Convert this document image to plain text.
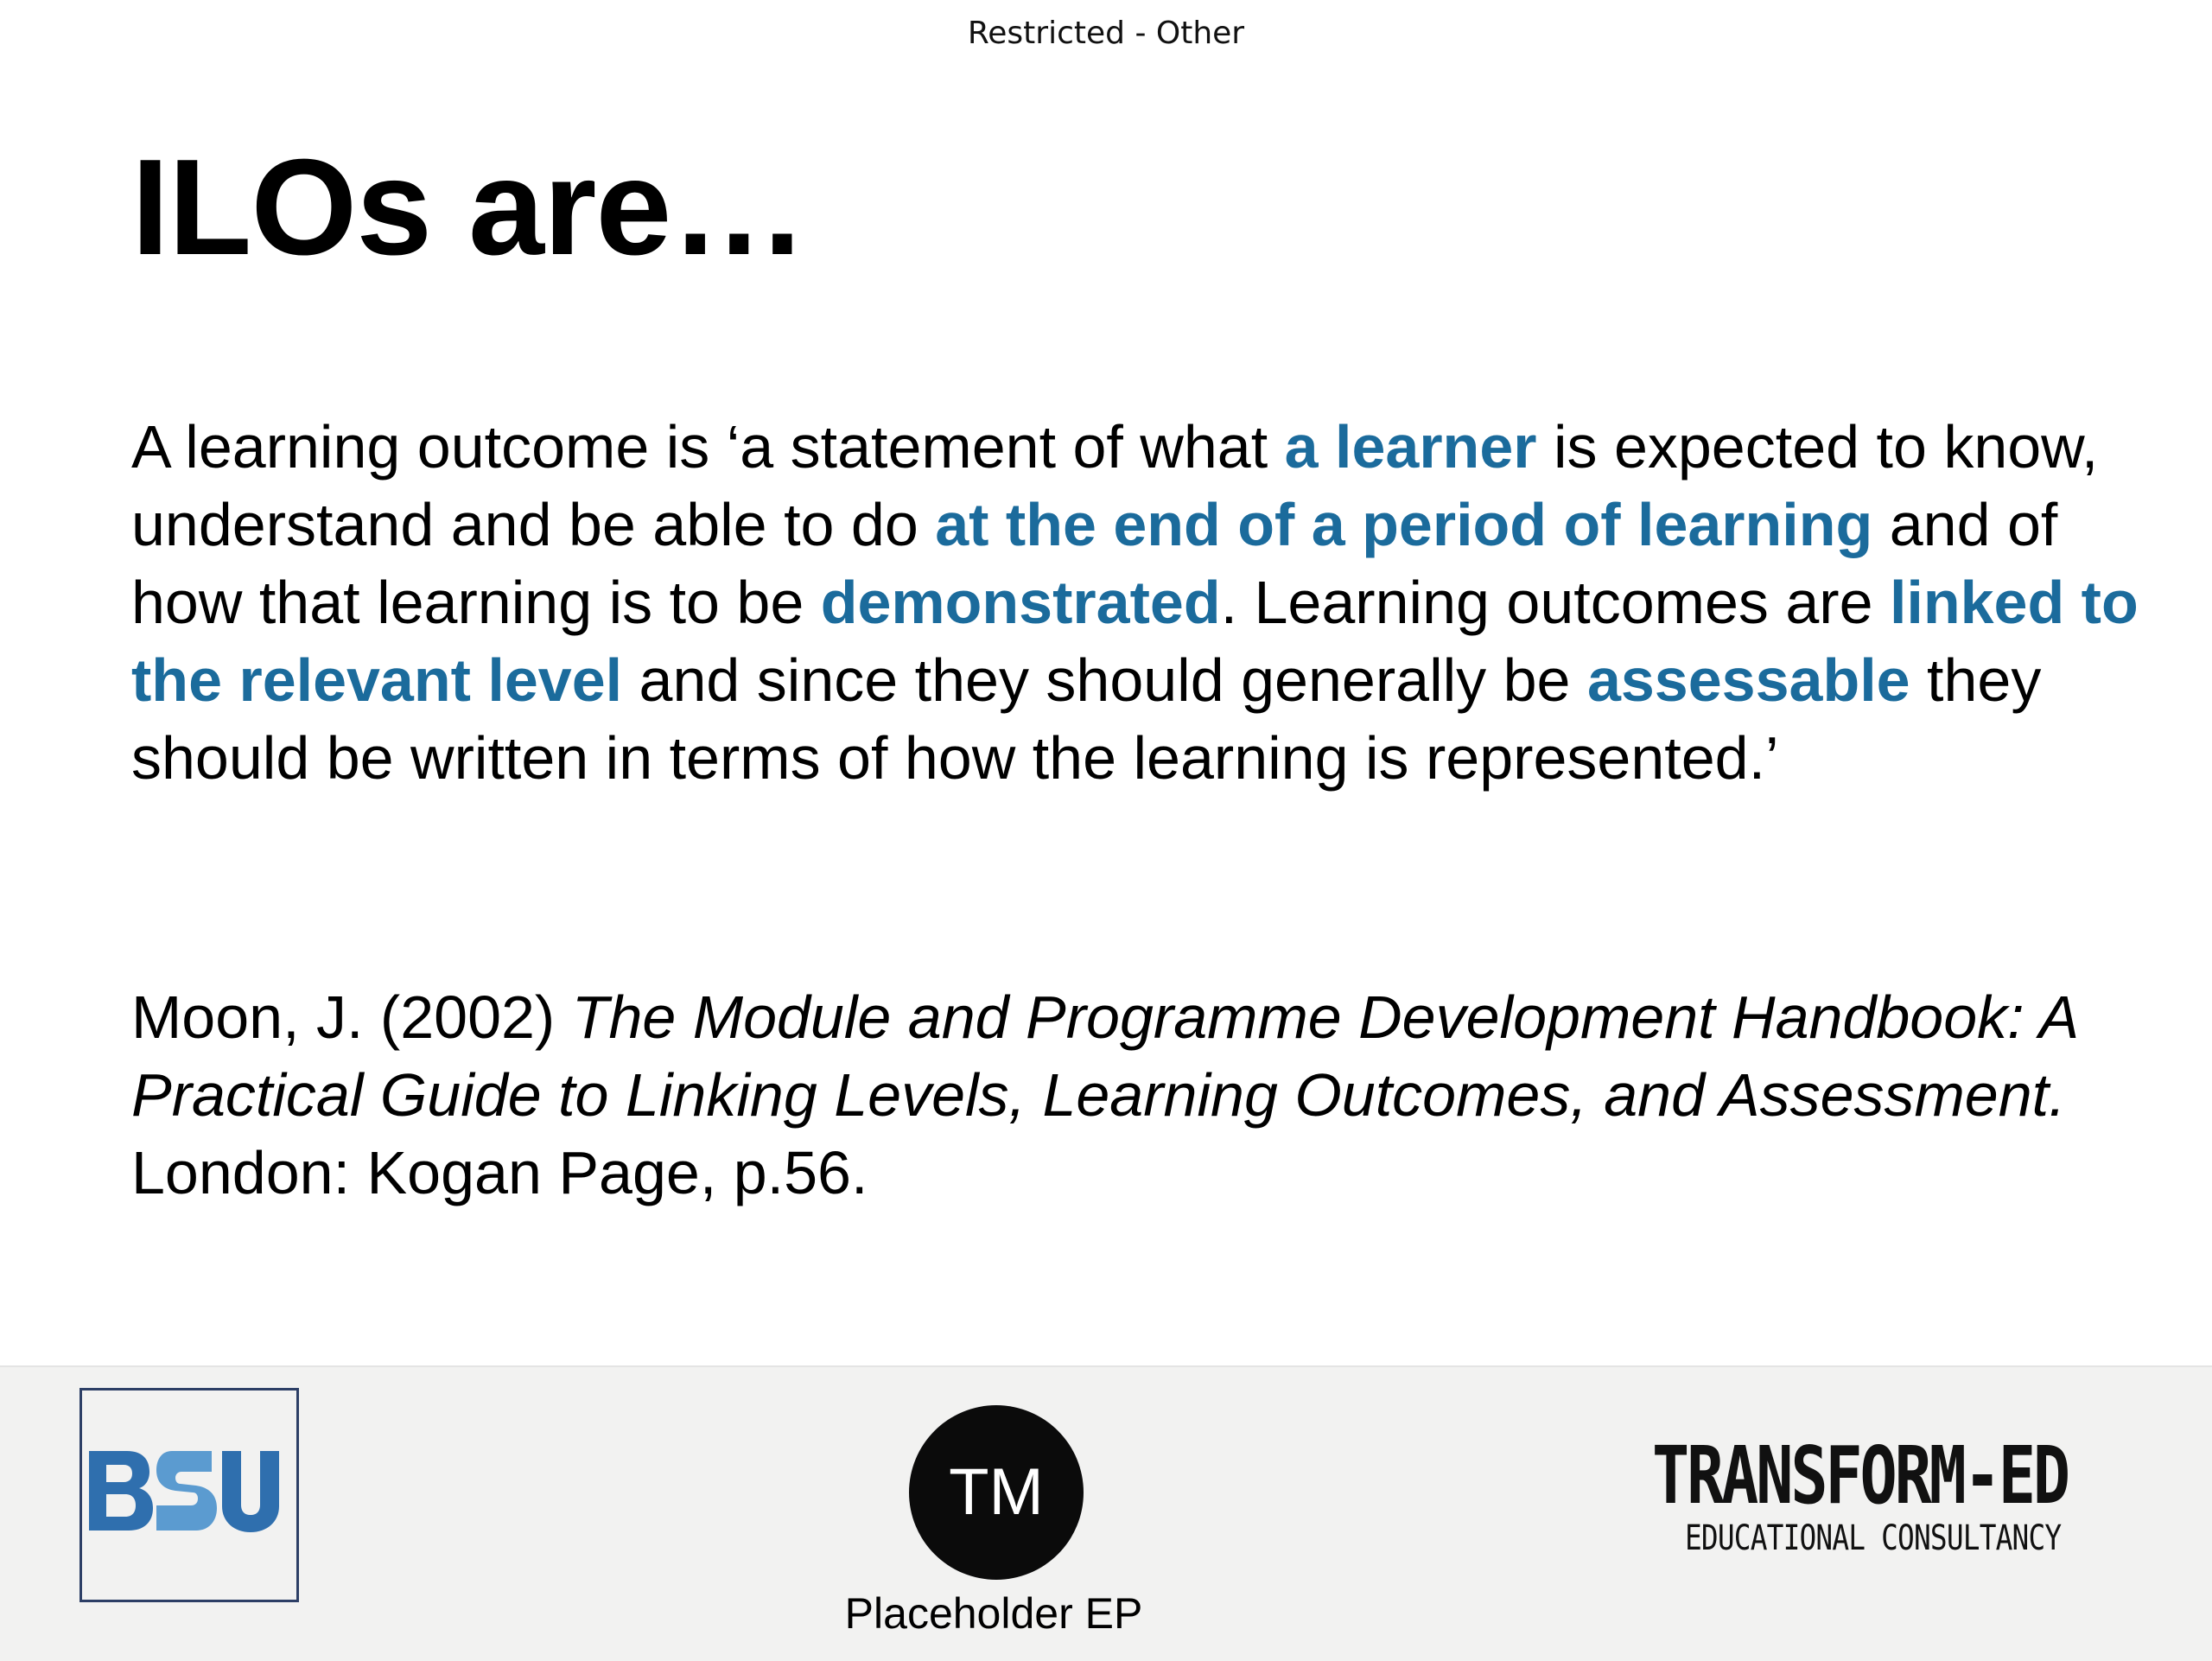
Restricted - Other
ILOs are…

A learning outcome is ‘a statement of what a learner is expected to know, understand and be able to do at the end of a period of learning and of how that learning is to be demonstrated. Learning outcomes are linked to the relevant level and since they should generally be assessable they should be written in terms of how the learning is represented.’

Moon, J. (2002) The Module and Programme Development Handbook: A Practical Guide to Linking Levels, Learning Outcomes, and Assessment. London: Kogan Page, p.56.

TM
Placeholder EP
TRANSFORM-ED
EDUCATIONAL CONSULTANCY
